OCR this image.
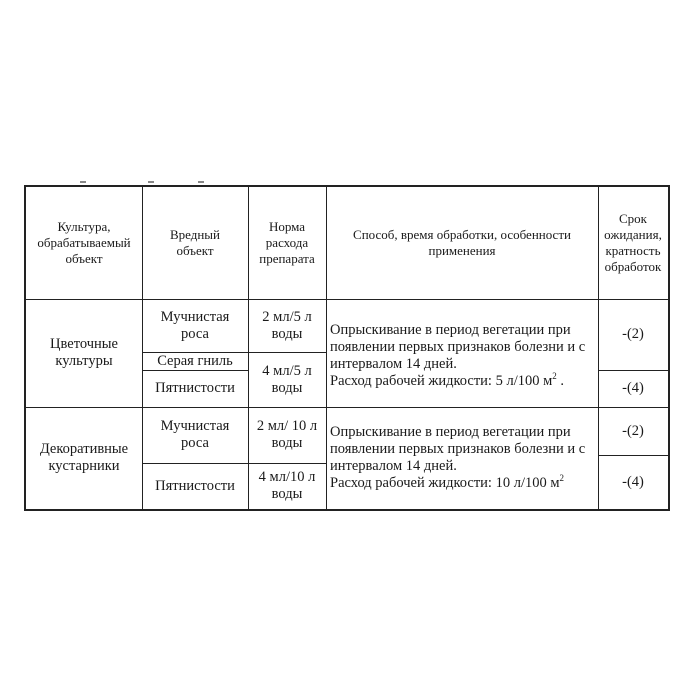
Культура, обрабатываемый объект
Вредный объект
Норма расхода препарата
Способ, время обработки, особенности применения
Срок ожидания, кратность обработок
Цветочные культуры
Мучнистая роса
Серая гниль
Пятнистости
2 мл/5 л воды
4 мл/5 л воды
Опрыскивание в период вегетации при появлении первых признаков болезни и с интервалом 14 дней.
Расход рабочей жидкости: 5 л/100 $м^2$ .
-(2)
-(4)
Декоративные кустарники
Мучнистая роса
Пятнистости
2 мл/ 10 л воды
4 мл/10 л воды
Опрыскивание в период вегетации при появлении первых признаков болезни и с интервалом 14 дней.
Расход рабочей жидкости: 10 л/100 $м^2$
-(2)
-(4)
